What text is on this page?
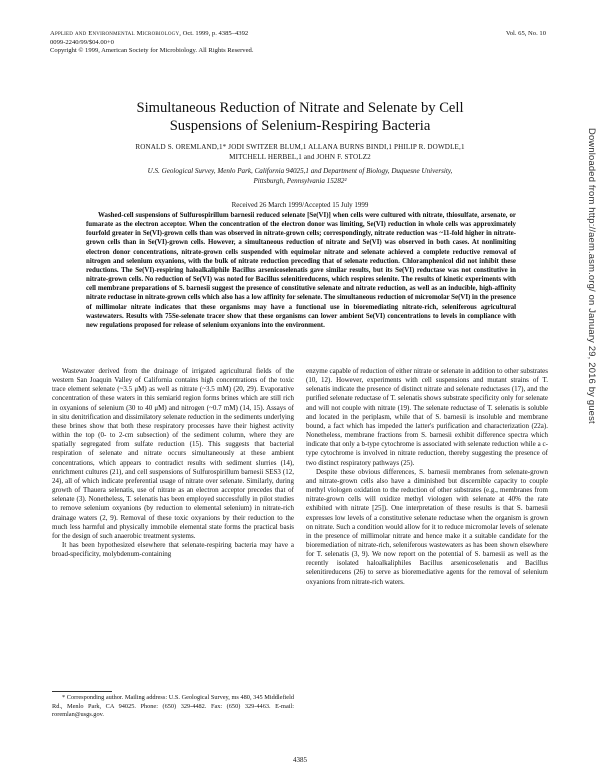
Applied and Environmental Microbiology, Oct. 1999, p. 4385–4392
0099-2240/99/$04.00+0
Copyright © 1999, American Society for Microbiology. All Rights Reserved.
Vol. 65, No. 10
Simultaneous Reduction of Nitrate and Selenate by Cell
Suspensions of Selenium-Respiring Bacteria
RONALD S. OREMLAND,1* JODI SWITZER BLUM,1 ALLANA BURNS BINDI,1 PHILIP R. DOWDLE,1
MITCHELL HERBEL,1 and JOHN F. STOLZ2
U.S. Geological Survey, Menlo Park, California 94025,1 and Department of Biology, Duquesne University,
Pittsburgh, Pennsylvania 15282²
Received 26 March 1999/Accepted 15 July 1999
Washed-cell suspensions of Sulfurospirillum barnesii reduced selenate [Se(VI)] when cells were cultured with nitrate, thiosulfate, arsenate, or fumarate as the electron acceptor. When the concentration of the electron donor was limiting, Se(VI) reduction in whole cells was approximately fourfold greater in Se(VI)-grown cells than was observed in nitrate-grown cells; correspondingly, nitrate reduction was ~11-fold higher in nitrate-grown cells than in Se(VI)-grown cells. However, a simultaneous reduction of nitrate and Se(VI) was observed in both cases. At nonlimiting electron donor concentrations, nitrate-grown cells suspended with equimolar nitrate and selenate achieved a complete reductive removal of nitrogen and selenium oxyanions, with the bulk of nitrate reduction preceding that of selenate reduction. Chloramphenicol did not inhibit these reductions. The Se(VI)-respiring haloalkaliphile Bacillus arsenicoselenatis gave similar results, but its Se(VI) reductase was not constitutive in nitrate-grown cells. No reduction of Se(VI) was noted for Bacillus selenitireducens, which respires selenite. The results of kinetic experiments with cell membrane preparations of S. barnesii suggest the presence of constitutive selenate and nitrate reduction, as well as an inducible, high-affinity nitrate reductase in nitrate-grown cells which also has a low affinity for selenate. The simultaneous reduction of micromolar Se(VI) in the presence of millimolar nitrate indicates that these organisms may have a functional use in bioremediating nitrate-rich, seleniferous agricultural wastewaters. Results with 75Se-selenate tracer show that these organisms can lower ambient Se(VI) concentrations to levels in compliance with new regulations proposed for release of selenium oxyanions into the environment.

Wastewater derived from the drainage of irrigated agricultural fields of the western San Joaquin Valley of California contains high concentrations of the toxic trace element selenate (~3.5 μM) as well as nitrate (~3.5 mM) (20, 29). Evaporative concentration of these waters in this semiarid region forms brines which are still rich in oxyanions of selenium (30 to 40 μM) and nitrogen (~0.7 mM) (14, 15). Assays of in situ denitrification and dissimilatory selenate reduction in the sediments underlying these brines show that both these respiratory processes have their highest activity within the top (0- to 2-cm subsection) of the sediment column, where they are spatially segregated from sulfate reduction (15). This suggests that bacterial respiration of selenate and nitrate occurs simultaneously at these ambient concentrations, which appears to contradict results with sediment slurries (14), enrichment cultures (21), and cell suspensions of Sulfurospirillum barnesii SES3 (12, 24), all of which indicate preferential usage of nitrate over selenate. Similarly, during growth of Thauera selenatis, use of nitrate as an electron acceptor precedes that of selenate (3). Nonetheless, T. selenatis has been employed successfully in pilot studies to remove selenium oxyanions (by reduction to elemental selenium) in nitrate-rich drainage waters (2, 9). Removal of these toxic oxyanions by their reduction to the much less harmful and physically immobile elemental state forms the practical basis for the design of such anaerobic treatment systems.

It has been hypothesized elsewhere that selenate-respiring bacteria may have a broad-specificity, molybdenum-containing

enzyme capable of reduction of either nitrate or selenate in addition to other substrates (10, 12). However, experiments with cell suspensions and mutant strains of T. selenatis indicate the presence of distinct nitrate and selenate reductases (17), and the purified selenate reductase of T. selenatis shows substrate specificity only for selenate and will not couple with nitrate (19). The selenate reductase of T. selenatis is soluble and located in the periplasm, while that of S. barnesii is insoluble and membrane bound, a fact which has impeded the latter's purification and characterization (22a). Nonetheless, membrane fractions from S. barnesii exhibit difference spectra which indicate that only a b-type cytochrome is associated with selenate reduction while a c-type cytochrome is involved in nitrate reduction, thereby suggesting the presence of two distinct respiratory pathways (25).

Despite these obvious differences, S. barnesii membranes from selenate-grown and nitrate-grown cells also have a diminished but discernible capacity to couple methyl viologen oxidation to the reduction of other substrates (e.g., membranes from nitrate-grown cells will oxidize methyl viologen with selenate at 40% the rate exhibited with nitrate [25]). One interpretation of these results is that S. barnesii expresses low levels of a constitutive selenate reductase when the organism is grown on nitrate. Such a condition would allow for it to reduce micromolar levels of selenate in the presence of millimolar nitrate and hence make it a suitable candidate for the bioremediation of nitrate-rich, seleniferous wastewaters as has been shown elsewhere for T. selenatis (3, 9). We now report on the potential of S. barnesii as well as the recently isolated haloalkaliphiles Bacillus arsenicoselenatis and Bacillus selenitireducens (26) to serve as bioremediative agents for the removal of selenium oxyanions from nitrate-rich waters.

* Corresponding author. Mailing address: U.S. Geological Survey, ms 480, 345 Middlefield Rd., Menlo Park, CA 94025. Phone: (650) 329-4482. Fax: (650) 329-4463. E-mail: roremlan@usgs.gov.
4385
Downloaded from http://aem.asm.org/ on January 29, 2016 by guest
